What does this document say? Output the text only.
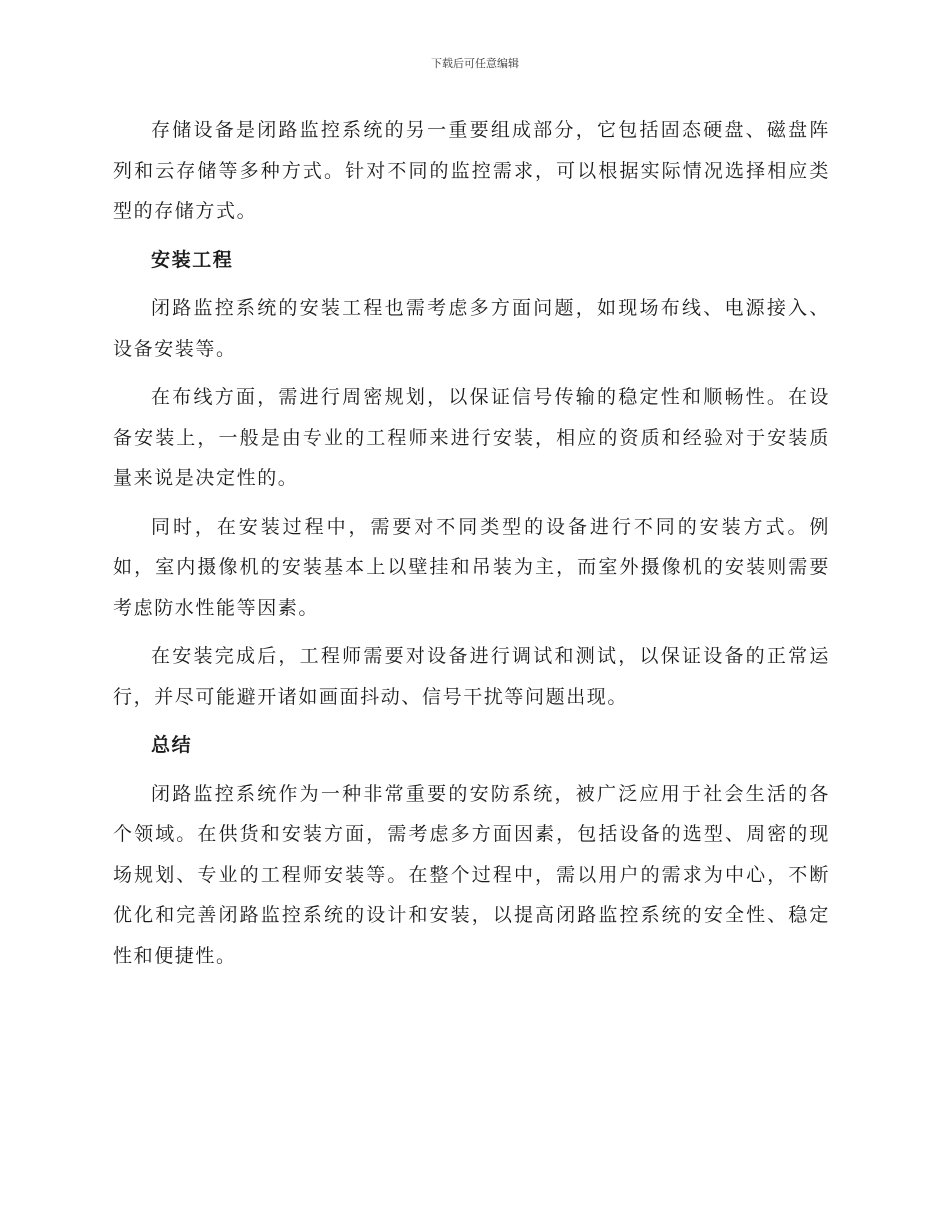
下载后可任意编辑

存储设备是闭路监控系统的另一重要组成部分，它包括固态硬盘、磁盘阵列和云存储等多种方式。针对不同的监控需求，可以根据实际情况选择相应类型的存储方式。

安装工程

闭路监控系统的安装工程也需考虑多方面问题，如现场布线、电源接入、设备安装等。

在布线方面，需进行周密规划，以保证信号传输的稳定性和顺畅性。在设备安装上，一般是由专业的工程师来进行安装，相应的资质和经验对于安装质量来说是决定性的。

同时，在安装过程中，需要对不同类型的设备进行不同的安装方式。例如，室内摄像机的安装基本上以壁挂和吊装为主，而室外摄像机的安装则需要考虑防水性能等因素。

在安装完成后，工程师需要对设备进行调试和测试，以保证设备的正常运行，并尽可能避开诸如画面抖动、信号干扰等问题出现。

总结

闭路监控系统作为一种非常重要的安防系统，被广泛应用于社会生活的各个领域。在供货和安装方面，需考虑多方面因素，包括设备的选型、周密的现场规划、专业的工程师安装等。在整个过程中，需以用户的需求为中心，不断优化和完善闭路监控系统的设计和安装，以提高闭路监控系统的安全性、稳定性和便捷性。
